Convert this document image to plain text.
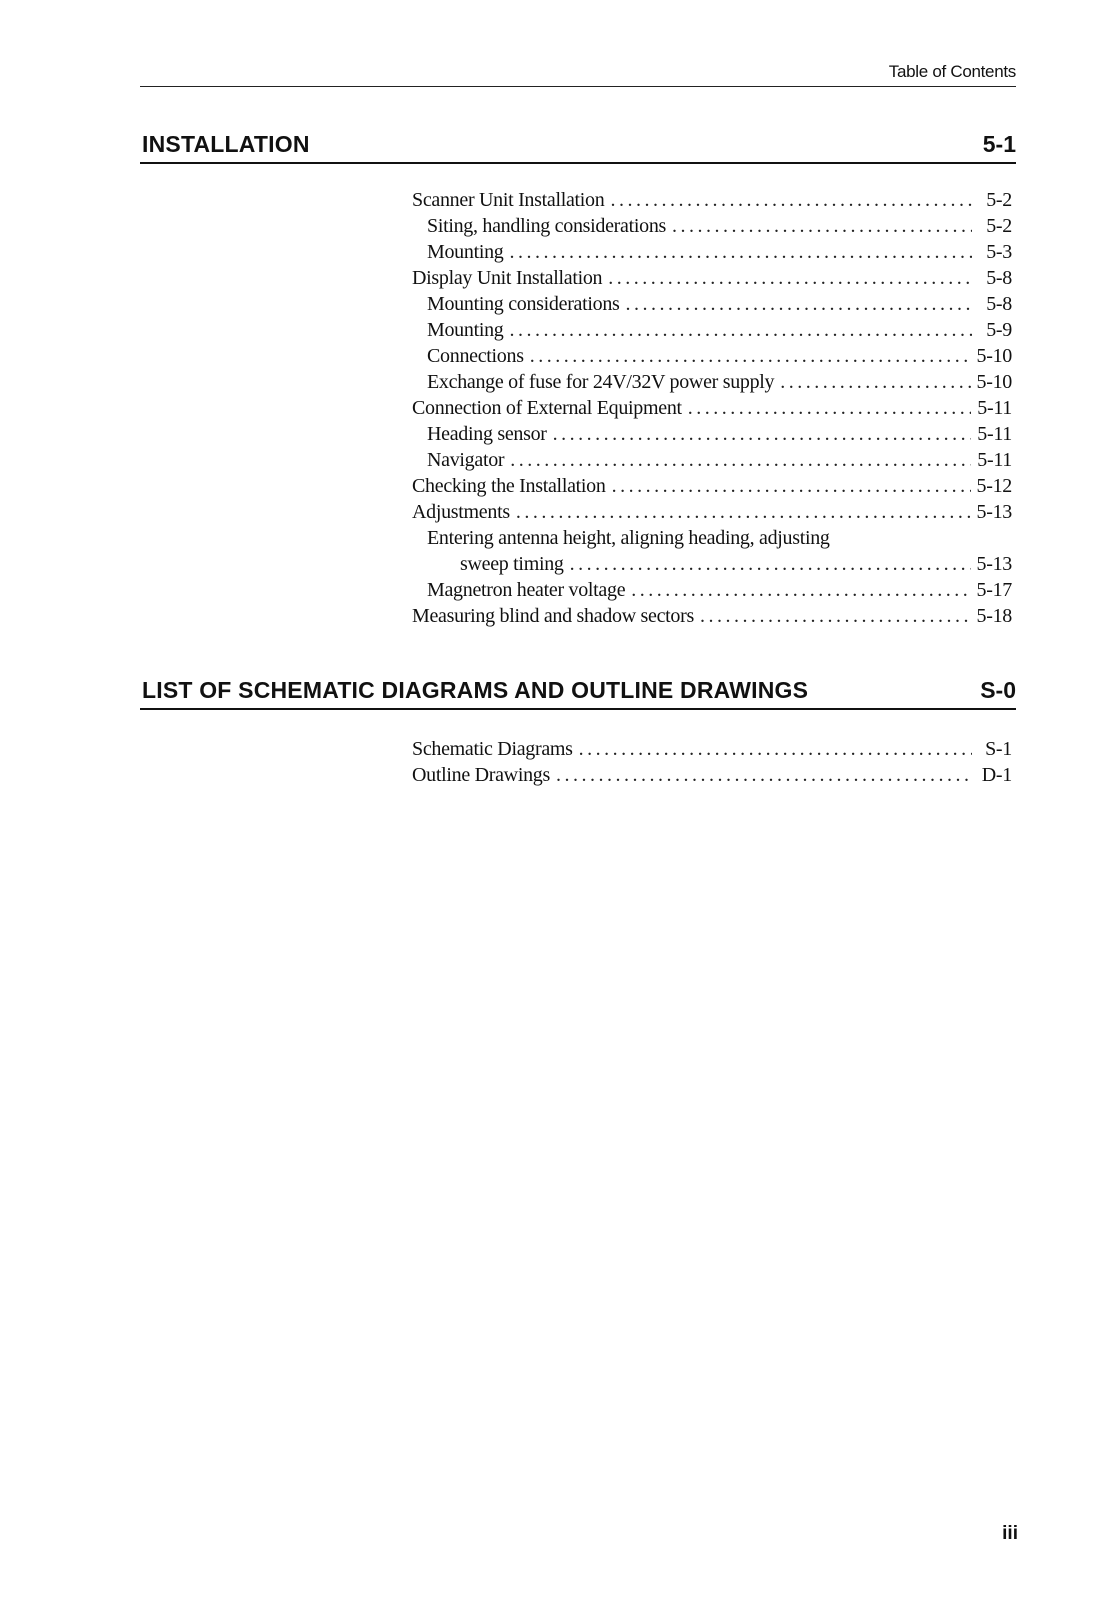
Table of Contents
INSTALLATION	5-1
Scanner Unit Installation .....	5-2
Siting, handling considerations .....	5-2
Mounting .....	5-3
Display Unit Installation .....	5-8
Mounting considerations .....	5-8
Mounting .....	5-9
Connections .....	5-10
Exchange of fuse for 24V/32V power supply .....	5-10
Connection of External Equipment .....	5-11
Heading sensor .....	5-11
Navigator .....	5-11
Checking the Installation .....	5-12
Adjustments .....	5-13
Entering antenna height, aligning heading, adjusting
sweep timing .....	5-13
Magnetron heater voltage .....	5-17
Measuring blind and shadow sectors .....	5-18
LIST OF SCHEMATIC DIAGRAMS AND OUTLINE DRAWINGS	S-0
Schematic Diagrams .....	S-1
Outline Drawings .....	D-1
iii
